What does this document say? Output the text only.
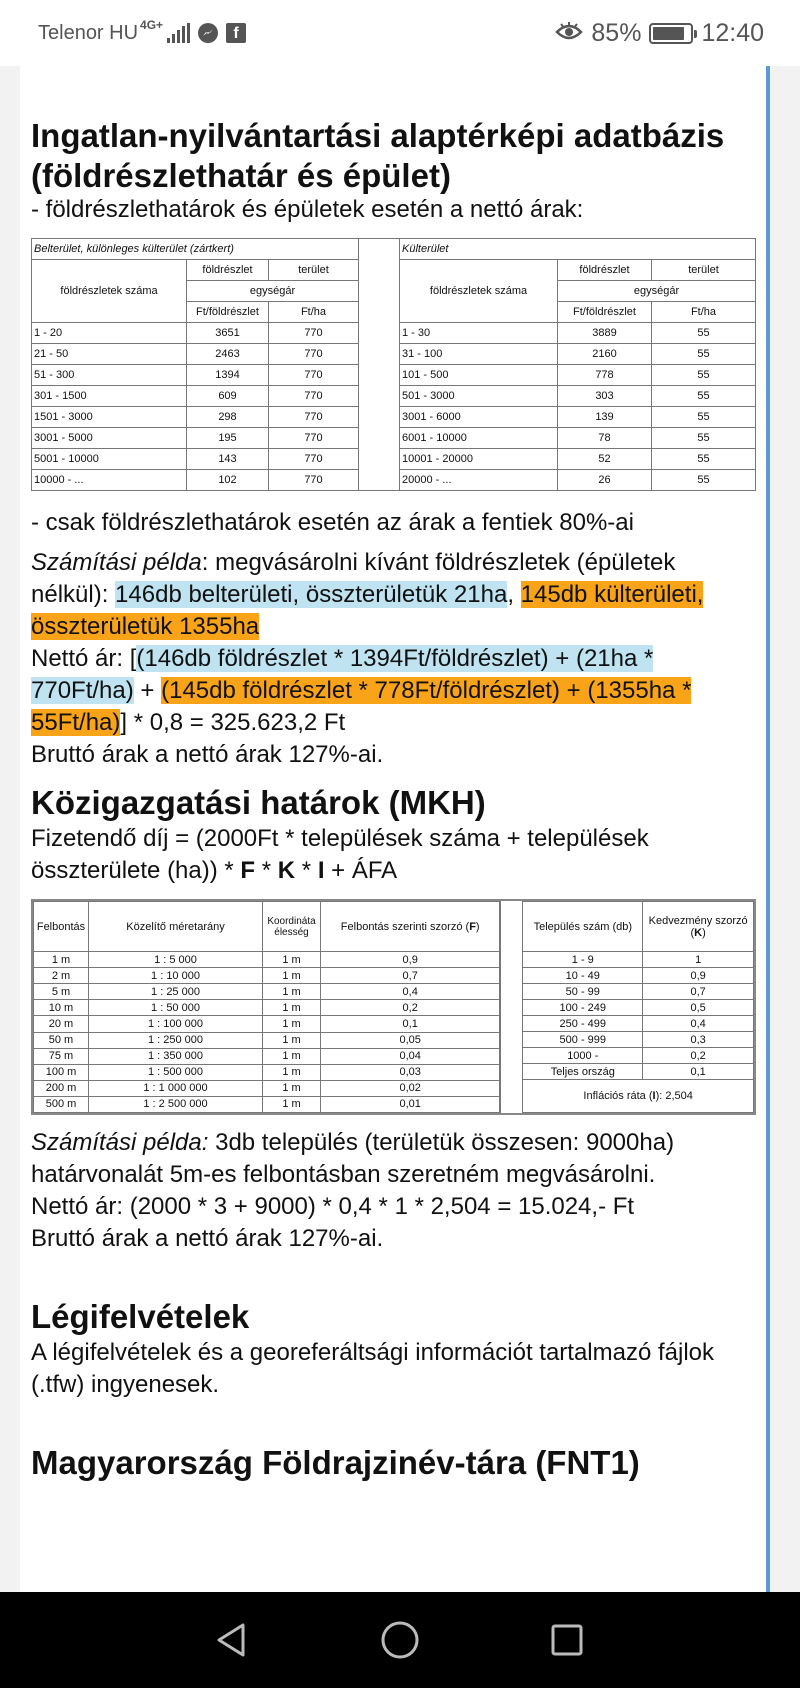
Telenor HU 4G+	f	85% 12:40
Ingatlan-nyilvántartási alaptérképi adatbázis (földrészlethatár és épület)

- földrészlethatárok és épületek esetén a nettó árak:

Belterület, különleges külterület (zártkert)		
földrészletek száma	földrészlet	terület
	egységár	
	Ft/földrészlet	Ft/ha
1 - 20	3651	770
21 - 50	2463	770
51 - 300	1394	770
301 - 1500	609	770
1501 - 3000	298	770
3001 - 5000	195	770
5001 - 10000	143	770
10000 - ...	102	770
Külterület		
földrészletek száma	földrészlet	terület
	egységár	
	Ft/földrészlet	Ft/ha
1 - 30	3889	55
31 - 100	2160	55
101 - 500	778	55
501 - 3000	303	55
3001 - 6000	139	55
6001 - 10000	78	55
10001 - 20000	52	55
20000 - ...	26	55

- csak földrészlethatárok esetén az árak a fentiek 80%-ai

Számítási példa: megvásárolni kívánt földrészletek (épületek nélkül): 146db belterületi, összterületük 21ha, 145db külterületi, összterületük 1355ha
Nettó ár: [(146db földrészlet * 1394Ft/földrészlet) + (21ha * 770Ft/ha) + (145db földrészlet * 778Ft/földrészlet) + (1355ha * 55Ft/ha)] * 0,8 = 325.623,2 Ft
Bruttó árak a nettó árak 127%-ai.

Közigazgatási határok (MKH)

Fizetendő díj = (2000Ft * települések száma + települések összterülete (ha)) * F * K * I + ÁFA

Felbontás	Közelítő méretarány	Koordináta élesség	Felbontás szerinti szorzó (F)
1 m	1 : 5 000	1 m	0,9
2 m	1 : 10 000	1 m	0,7
5 m	1 : 25 000	1 m	0,4
10 m	1 : 50 000	1 m	0,2
20 m	1 : 100 000	1 m	0,1
50 m	1 : 250 000	1 m	0,05
75 m	1 : 350 000	1 m	0,04
100 m	1 : 500 000	1 m	0,03
200 m	1 : 1 000 000	1 m	0,02
500 m	1 : 2 500 000	1 m	0,01
Település szám (db)	Kedvezmény szorzó (K)
1 - 9	1
10 - 49	0,9
50 - 99	0,7
100 - 249	0,5
250 - 499	0,4
500 - 999	0,3
1000 -	0,2
Teljes ország	0,1
Inflációs ráta (I): 2,504	

Számítási példa: 3db település (területük összesen: 9000ha) határvonalát 5m-es felbontásban szeretném megvásárolni.
Nettó ár: (2000 * 3 + 9000) * 0,4 * 1 * 2,504 = 15.024,- Ft
Bruttó árak a nettó árak 127%-ai.

Légifelvételek

A légifelvételek és a georeferáltsági információt tartalmazó fájlok (.tfw) ingyenesek.

Magyarország Földrajzinév-tára (FNT1)
